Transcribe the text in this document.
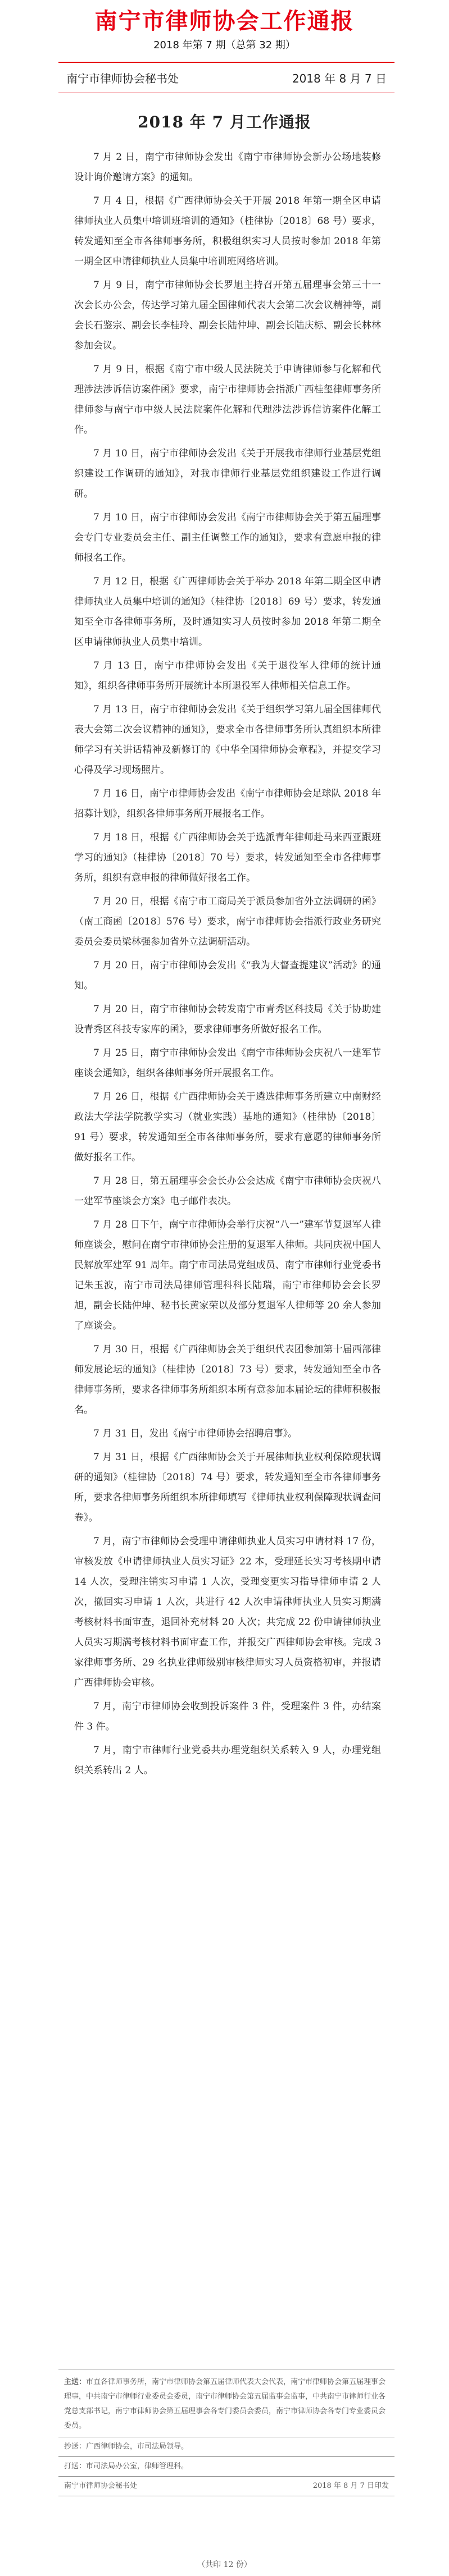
南宁市律师协会工作通报
2018 年第 7 期（总第 32 期）
南宁市律师协会秘书处	2018 年 8 月 7 日
2018 年 7 月工作通报

7 月 2 日，南宁市律师协会发出《南宁市律师协会新办公场地装修设计询价邀请方案》的通知。

7 月 4 日，根据《广西律师协会关于开展 2018 年第一期全区申请律师执业人员集中培训班培训的通知》（桂律协〔2018〕68 号）要求，转发通知至全市各律师事务所，积极组织实习人员按时参加 2018 年第一期全区申请律师执业人员集中培训班网络培训。

7 月 9 日，南宁市律师协会长罗旭主持召开第五届理事会第三十一次会长办公会，传达学习第九届全国律师代表大会第二次会议精神等，副会长石鉴宗、副会长李桂玲、副会长陆仲坤、副会长陆庆标、副会长林林参加会议。

7 月 9 日，根据《南宁市中级人民法院关于申请律师参与化解和代理涉法涉诉信访案件函》要求，南宁市律师协会指派广西桂玺律师事务所律师参与南宁市中级人民法院案件化解和代理涉法涉诉信访案件化解工作。

7 月 10 日，南宁市律师协会发出《关于开展我市律师行业基层党组织建设工作调研的通知》，对我市律师行业基层党组织建设工作进行调研。

7 月 10 日，南宁市律师协会发出《南宁市律师协会关于第五届理事会专门专业委员会主任、副主任调整工作的通知》，要求有意愿申报的律师报名工作。

7 月 12 日，根据《广西律师协会关于举办 2018 年第二期全区申请律师执业人员集中培训的通知》（桂律协〔2018〕69 号）要求，转发通知至全市各律师事务所，及时通知实习人员按时参加 2018 年第二期全区申请律师执业人员集中培训。

7 月 13 日，南宁市律师协会发出《关于退役军人律师的统计通知》，组织各律师事务所开展统计本所退役军人律师相关信息工作。

7 月 13 日，南宁市律师协会发出《关于组织学习第九届全国律师代表大会第二次会议精神的通知》，要求全市各律师事务所认真组织本所律师学习有关讲话精神及新修订的《中华全国律师协会章程》，并提交学习心得及学习现场照片。

7 月 16 日，南宁市律师协会发出《南宁市律师协会足球队 2018 年招募计划》，组织各律师事务所开展报名工作。

7 月 18 日，根据《广西律师协会关于选派青年律师赴马来西亚跟班学习的通知》（桂律协〔2018〕70 号）要求，转发通知至全市各律师事务所，组织有意申报的律师做好报名工作。

7 月 20 日，根据《南宁市工商局关于派员参加省外立法调研的函》（南工商函〔2018〕576 号）要求，南宁市律师协会指派行政业务研究委员会委员梁林强参加省外立法调研活动。

7 月 20 日，南宁市律师协会发出《“我为大督查提建议”活动》的通知。

7 月 20 日，南宁市律师协会转发南宁市青秀区科技局《关于协助建设青秀区科技专家库的函》，要求律师事务所做好报名工作。

7 月 25 日，南宁市律师协会发出《南宁市律师协会庆祝八一建军节座谈会通知》，组织各律师事务所开展报名工作。

7 月 26 日，根据《广西律师协会关于遴选律师事务所建立中南财经政法大学法学院教学实习（就业实践）基地的通知》（桂律协〔2018〕91 号）要求，转发通知至全市各律师事务所，要求有意愿的律师事务所做好报名工作。

7 月 28 日，第五届理事会会长办公会达成《南宁市律师协会庆祝八一建军节座谈会方案》电子邮件表决。

7 月 28 日下午，南宁市律师协会举行庆祝“八一”建军节复退军人律师座谈会，慰问在南宁市律师协会注册的复退军人律师。共同庆祝中国人民解放军建军 91 周年。南宁市司法局党组成员、南宁市律师行业党委书记朱玉波，南宁市司法局律师管理科科长陆瑞，南宁市律师协会会长罗旭，副会长陆仲坤、秘书长黄家荣以及部分复退军人律师等 20 余人参加了座谈会。

7 月 30 日，根据《广西律师协会关于组织代表团参加第十届西部律师发展论坛的通知》（桂律协〔2018〕73 号）要求，转发通知至全市各律师事务所，要求各律师事务所组织本所有意参加本届论坛的律师积极报名。

7 月 31 日，发出《南宁市律师协会招聘启事》。

7 月 31 日，根据《广西律师协会关于开展律师执业权利保障现状调研的通知》（桂律协〔2018〕74 号）要求，转发通知至全市各律师事务所，要求各律师事务所组织本所律师填写《律师执业权利保障现状调查问卷》。

7 月，南宁市律师协会受理申请律师执业人员实习申请材料 17 份，审核发放《申请律师执业人员实习证》22 本，受理延长实习考核期申请 14 人次，受理注销实习申请 1 人次，受理变更实习指导律师申请 2 人次，撤回实习申请 1 人次，共进行 42 人次申请律师执业人员实习期满考核材料书面审查，退回补充材料 20 人次；共完成 22 份申请律师执业人员实习期满考核材料书面审查工作，并报交广西律师协会审核。完成 3 家律师事务所、29 名执业律师级别审核律师实习人员资格初审，并报请广西律师协会审核。

7 月，南宁市律师协会收到投诉案件 3 件，受理案件 3 件，办结案件 3 件。

7 月，南宁市律师行业党委共办理党组织关系转入 9 人，办理党组织关系转出 2 人。

主送：市直各律师事务所，南宁市律师协会第五届律师代表大会代表，南宁市律师协会第五届理事会理事，中共南宁市律师行业委员会委员，南宁市律师协会第五届监事会监事，中共南宁市律师行业各党总支部书记，南宁市律师协会第五届理事会各专门委员会委员，南宁市律师协会各专门专业委员会委员。
抄送：广西律师协会，市司法局领导。
打送：市司法局办公室，律师管理科。
南宁市律师协会秘书处	2018 年 8 月 7 日印发
（共印 12 份）
